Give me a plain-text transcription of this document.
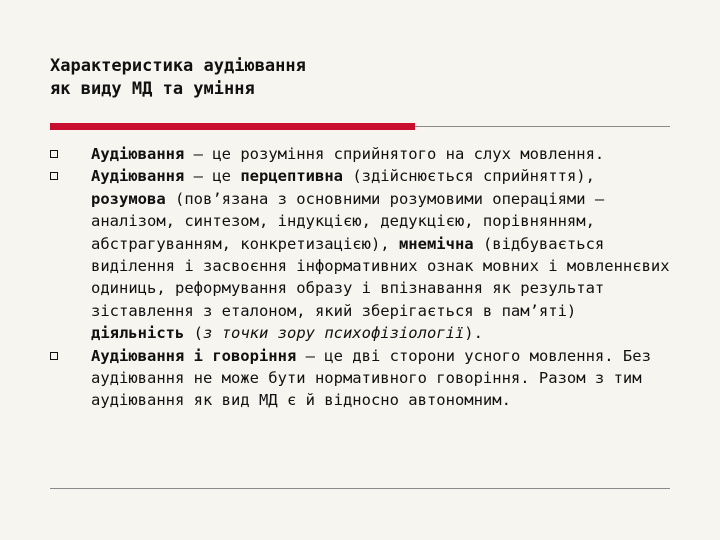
Характеристика аудіювання
як виду МД та уміння
Аудіювання – це розуміння сприйнятого на слух мовлення.
Аудіювання – це перцептивна (здійснюється сприйняття), розумова (пов’язана з основними розумовими операціями – аналізом, синтезом, індукцією, дедукцією, порівнянням, абстрагуванням, конкретизацією), мнемічна (відбувається виділення і засвоєння інформативних ознак мовних і мовленнєвих одиниць, реформування образу і впізнавання як результат зіставлення з еталоном, який зберігається в пам’яті) діяльність (з точки зору психофізіології).
Аудіювання і говоріння – це дві сторони усного мовлення. Без аудіювання не може бути нормативного говоріння. Разом з тим аудіювання як вид МД є й відносно автономним.
